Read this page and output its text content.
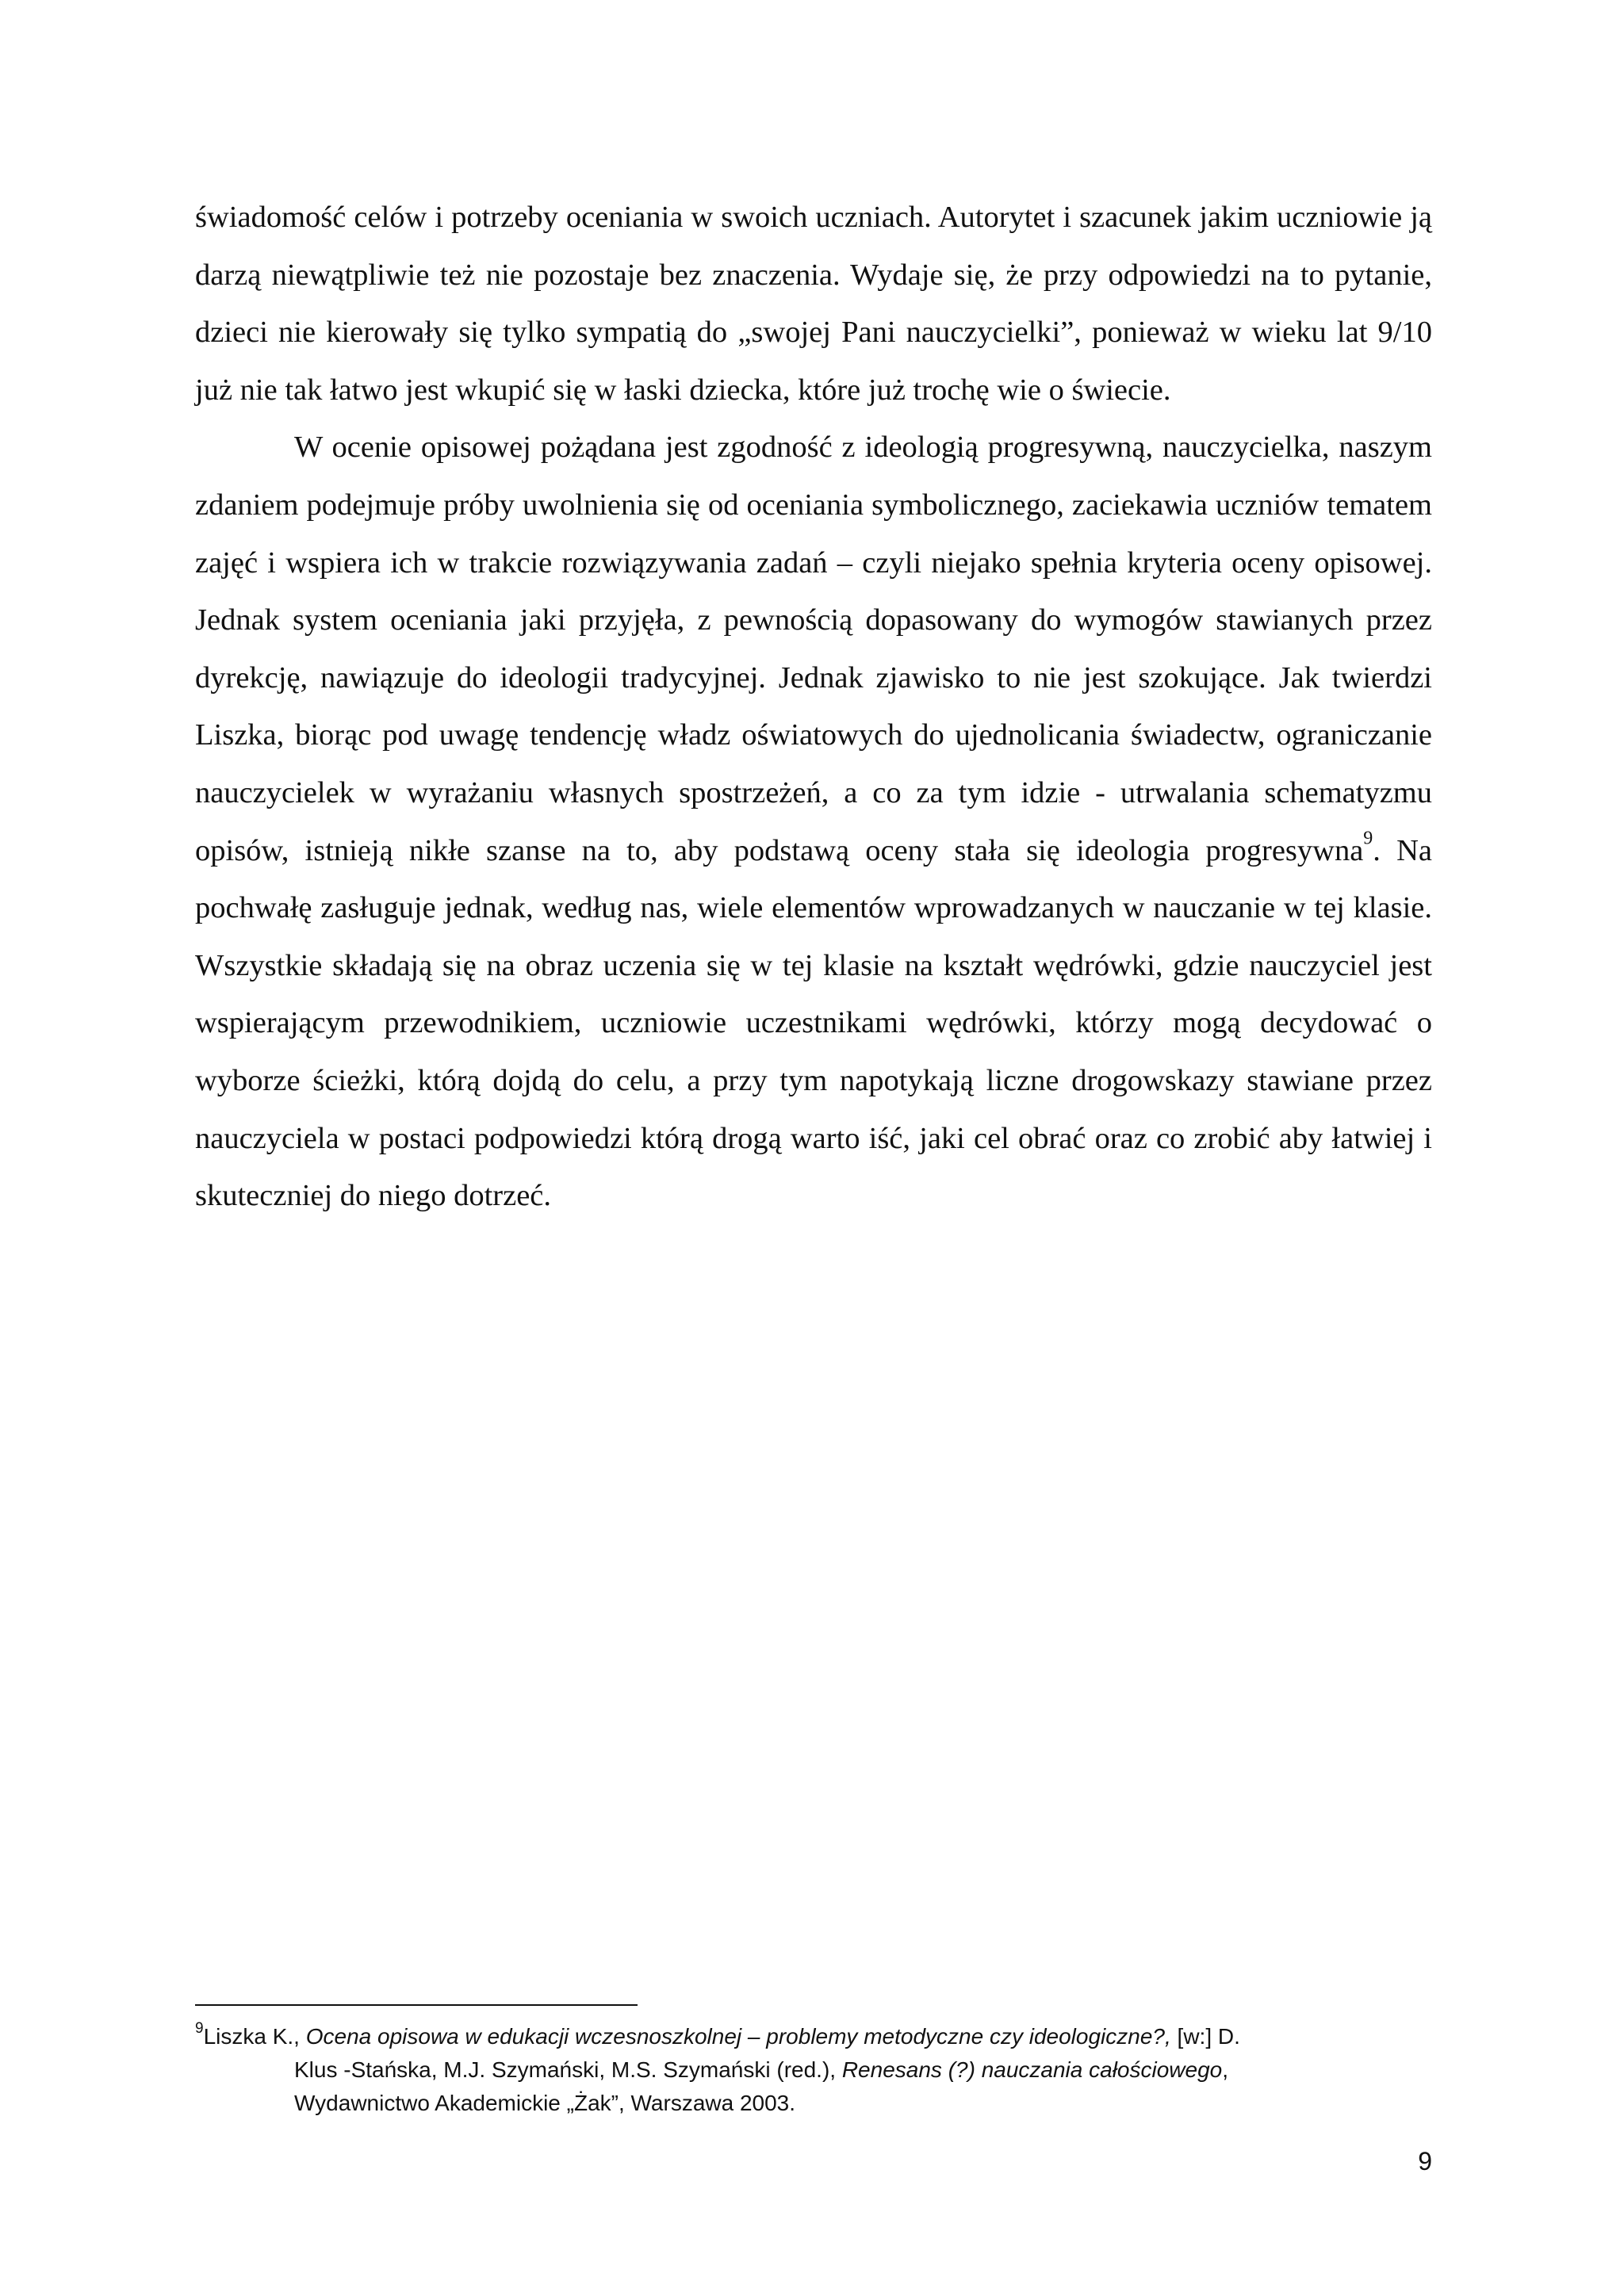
świadomość celów i potrzeby oceniania w swoich uczniach. Autorytet i szacunek jakim uczniowie ją darzą niewątpliwie też nie pozostaje bez znaczenia. Wydaje się, że przy odpowiedzi na to pytanie, dzieci nie kierowały się tylko sympatią do „swojej Pani nauczycielki”, ponieważ w wieku lat 9/10 już nie tak łatwo jest wkupić się w łaski dziecka, które już trochę wie o świecie.

W ocenie opisowej pożądana jest zgodność z ideologią progresywną, nauczycielka, naszym zdaniem podejmuje próby uwolnienia się od oceniania symbolicznego, zaciekawia uczniów tematem zajęć i wspiera ich w trakcie rozwiązywania zadań – czyli niejako spełnia kryteria oceny opisowej. Jednak system oceniania jaki przyjęła, z pewnością dopasowany do wymogów stawianych przez dyrekcję, nawiązuje do ideologii tradycyjnej. Jednak zjawisko to nie jest szokujące. Jak twierdzi Liszka, biorąc pod uwagę tendencję władz oświatowych do ujednolicania świadectw, ograniczanie nauczycielek w wyrażaniu własnych spostrzeżeń, a co za tym idzie - utrwalania schematyzmu opisów, istnieją nikłe szanse na to, aby podstawą oceny stała się ideologia progresywna$^9$. Na pochwałę zasługuje jednak, według nas, wiele elementów wprowadzanych w nauczanie w tej klasie. Wszystkie składają się na obraz uczenia się w tej klasie na kształt wędrówki, gdzie nauczyciel jest wspierającym przewodnikiem, uczniowie uczestnikami wędrówki, którzy mogą decydować o wyborze ścieżki, którą dojdą do celu, a przy tym napotykają liczne drogowskazy stawiane przez nauczyciela w postaci podpowiedzi którą drogą warto iść, jaki cel obrać oraz co zrobić aby łatwiej i skuteczniej do niego dotrzeć.

$^9$Liszka K., Ocena opisowa w edukacji wczesnoszkolnej – problemy metodyczne czy ideologiczne?, [w:] D.
Klus -Stańska, M.J. Szymański, M.S. Szymański (red.), Renesans (?) nauczania całościowego,
Wydawnictwo Akademickie „Żak”, Warszawa 2003.
9
